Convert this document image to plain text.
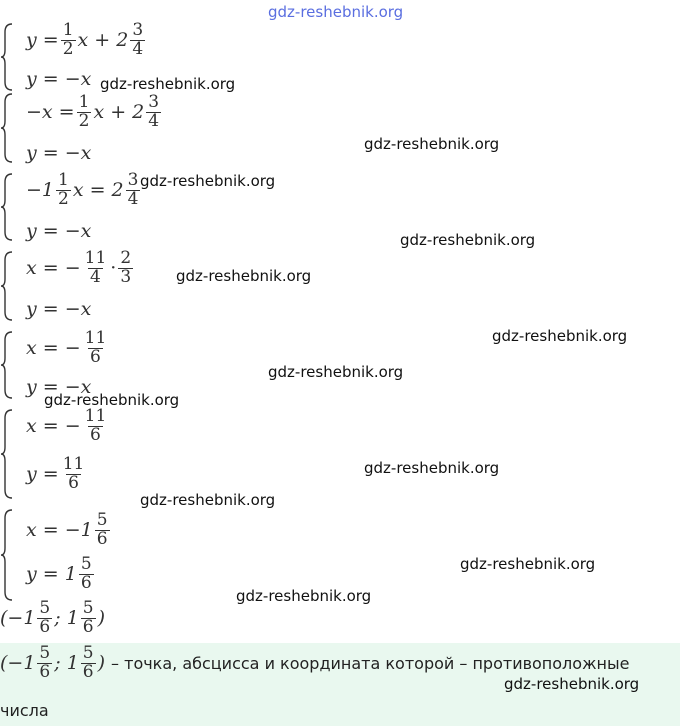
gdz-reshebnik.org
$y = \frac{1}{2}$ $x + 2 \frac{3}{4}$
y = −x gdz-reshebnik.org
$-x = \frac{1}{2}$ $x + 2 \frac{3}{4}$
y = −x	gdz-reshebnik.org
$-1 \frac{1}{2}$ $x = 2 \frac{3}{4}$
y = −x
gdz-reshebnik.org
gdz-reshebnik.org
x = − $\frac{11}{4} \cdot \frac{2}{3}$
y = −x
gdz-reshebnik.org
gdz-reshebnik.org
x = − $\frac{11}{6}$
y = −x
gdz-reshebnik.org
gdz-reshebnik.org
x = − $\frac{11}{6}$
$y = \frac{11}{6}$	gdz-reshebnik.org
gdz-reshebnik.org
$x = -1 \frac{5}{6}$
$y = 1 \frac{5}{6}$	gdz-reshebnik.org
gdz-reshebnik.org
($-1 \frac{5}{6}$ ; $1 \frac{5}{6}$ )
($-1 \frac{5}{6}$ ; $1 \frac{5}{6}$ ) – точка, абсцисса и координата которой – противоположные
числа
gdz-reshebnik.org
